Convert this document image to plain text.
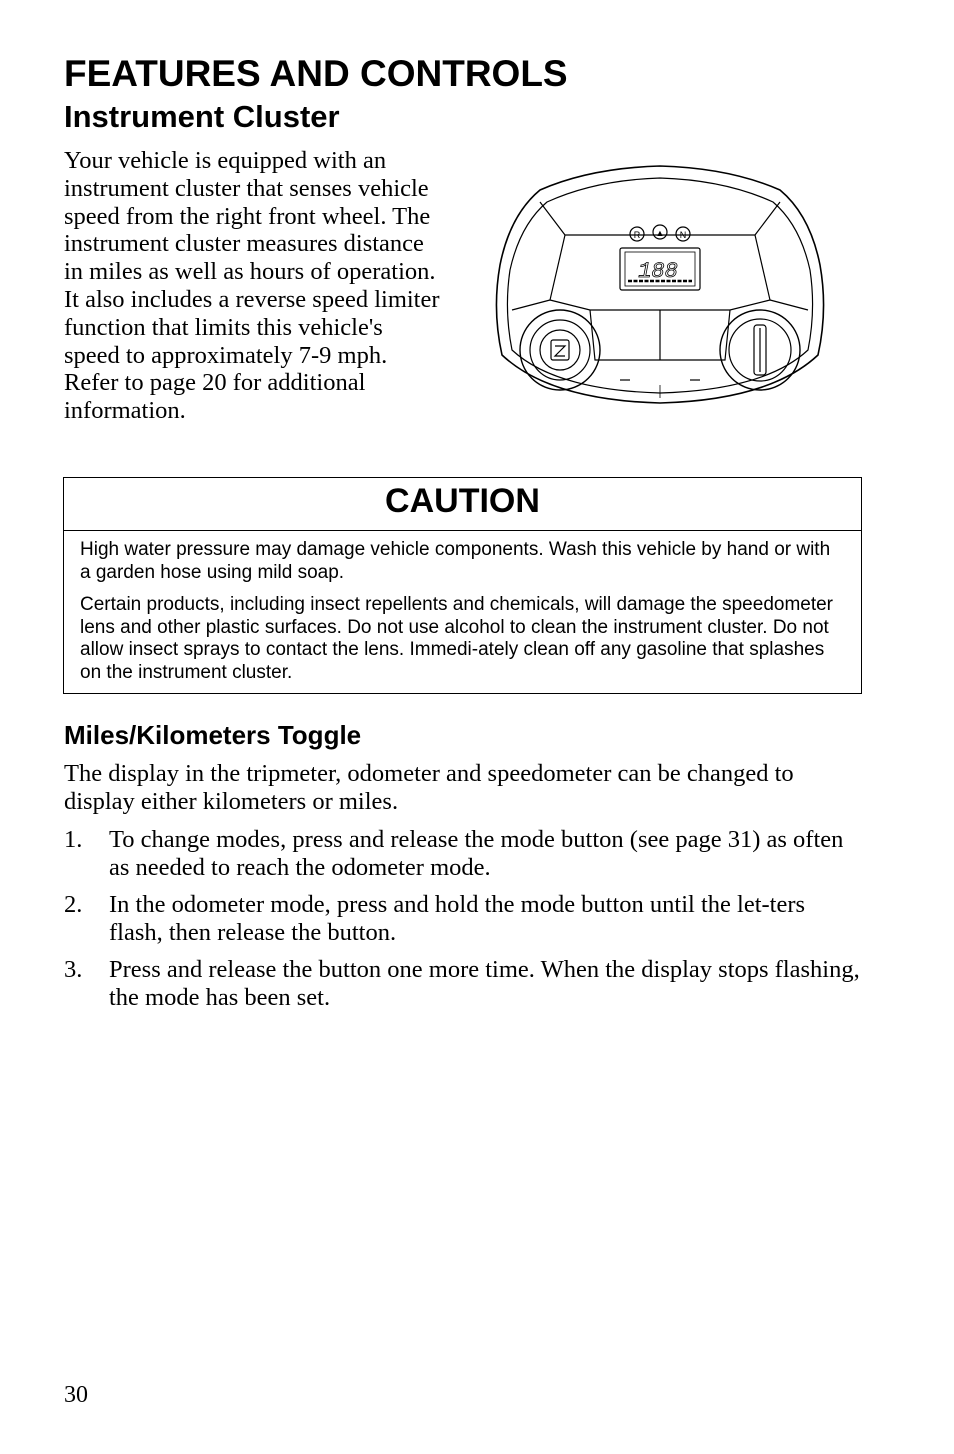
FEATURES AND CONTROLS
Instrument Cluster

Your vehicle is equipped with an instrument cluster that senses vehicle speed from the right front wheel. The instrument cluster measures distance in miles as well as hours of operation. It also includes a reverse speed limiter function that limits this vehicle's speed to approximately 7-9 mph. Refer to page 20 for additional information.

R ▲ N
188
CAUTION

High water pressure may damage vehicle components. Wash this vehicle by hand or with a garden hose using mild soap.

Certain products, including insect repellents and chemicals, will damage the speedometer lens and other plastic surfaces. Do not use alcohol to clean the instrument cluster. Do not allow insect sprays to contact the lens. Immedi-ately clean off any gasoline that splashes on the instrument cluster.

Miles/Kilometers Toggle

The display in the tripmeter, odometer and speedometer can be changed to display either kilometers or miles.

1. To change modes, press and release the mode button (see page 31) as often as needed to reach the odometer mode.
2. In the odometer mode, press and hold the mode button until the let-ters flash, then release the button.
3. Press and release the button one more time. When the display stops flashing, the mode has been set.

30
